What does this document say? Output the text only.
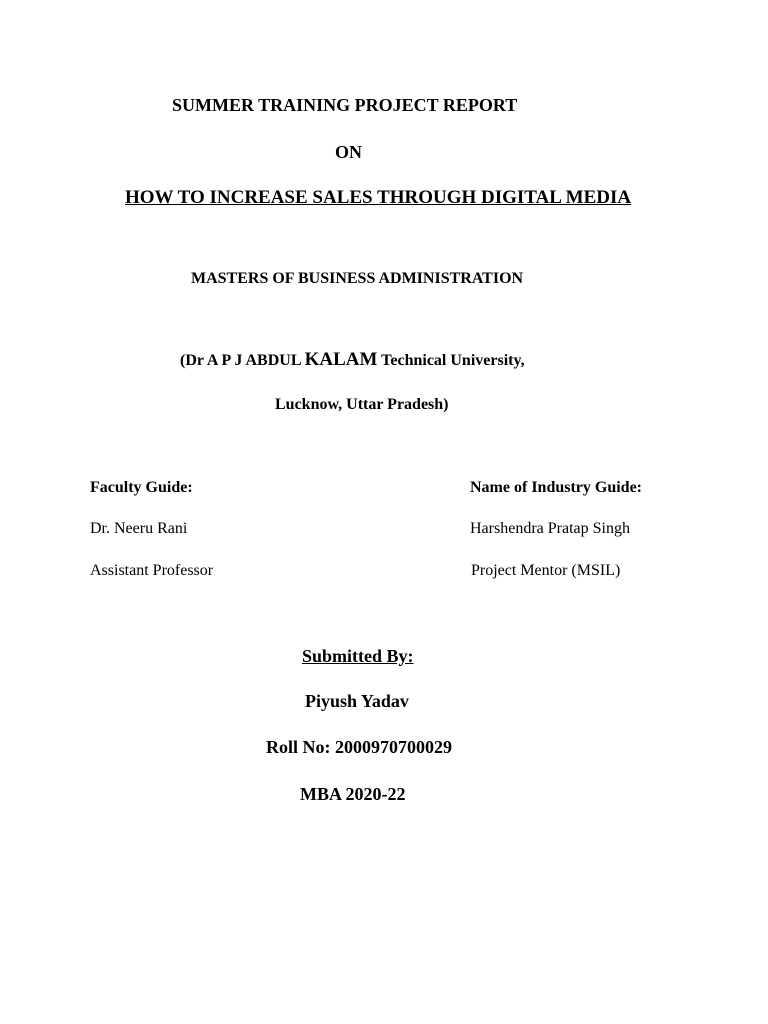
SUMMER TRAINING PROJECT REPORT
ON
HOW TO INCREASE SALES THROUGH DIGITAL MEDIA
MASTERS OF BUSINESS ADMINISTRATION
(Dr A P J ABDUL KALAM Technical University,
Lucknow, Uttar Pradesh)
Faculty Guide:
Dr. Neeru Rani
Assistant Professor
Name of Industry Guide:
Harshendra Pratap Singh
Project Mentor (MSIL)
Submitted By:
Piyush Yadav
Roll No: 2000970700029
MBA 2020-22
